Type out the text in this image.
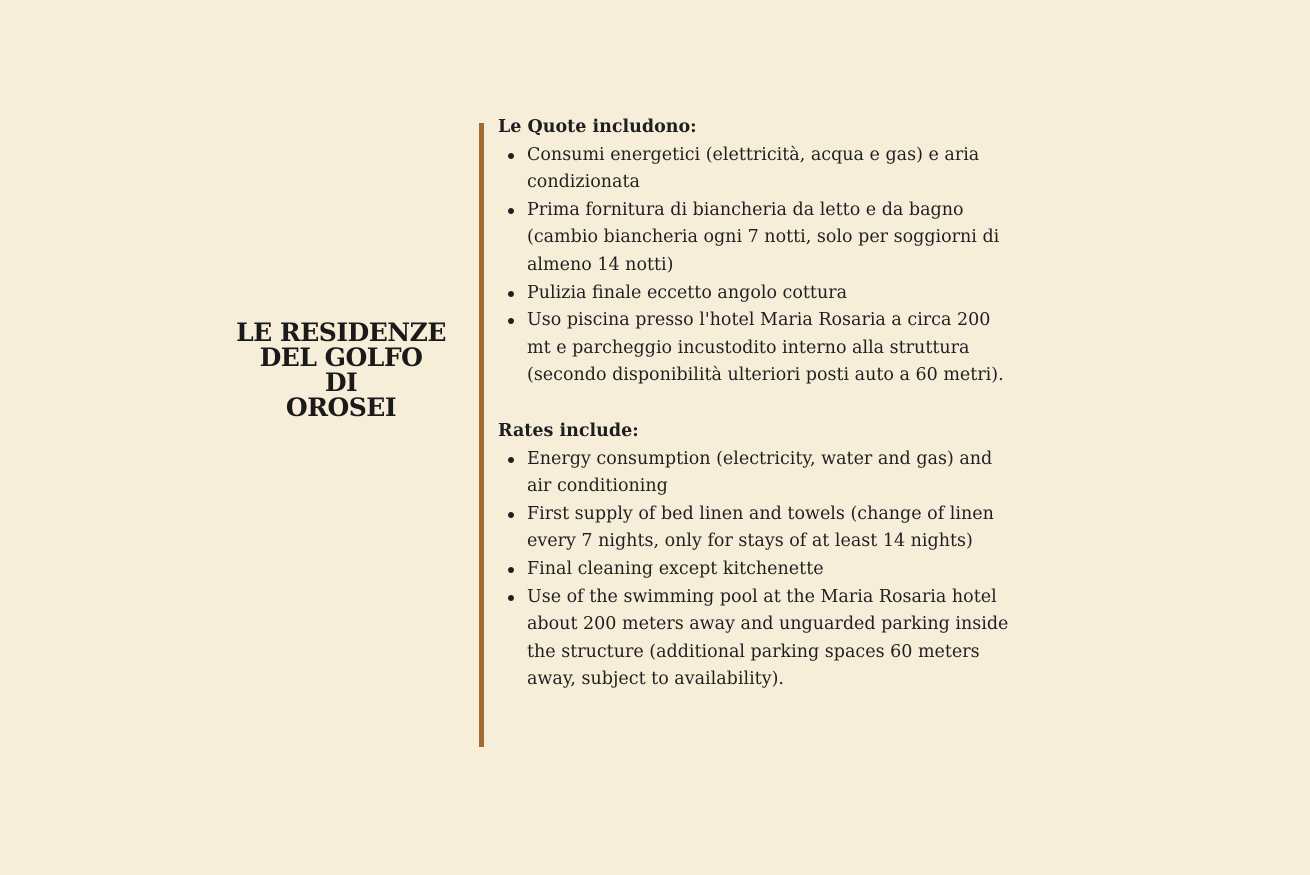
LE RESIDENZE
DEL GOLFO
DI
OROSEI

Le Quote includono:

Consumi energetici (elettricità, acqua e gas) e aria condizionata
Prima fornitura di biancheria da letto e da bagno (cambio biancheria ogni 7 notti, solo per soggiorni di almeno 14 notti)
Pulizia finale eccetto angolo cottura
Uso piscina presso l'hotel Maria Rosaria a circa 200 mt e parcheggio incustodito interno alla struttura (secondo disponibilità ulteriori posti auto a 60 metri).

Rates include:

Energy consumption (electricity, water and gas) and air conditioning
First supply of bed linen and towels (change of linen every 7 nights, only for stays of at least 14 nights)
Final cleaning except kitchenette
Use of the swimming pool at the Maria Rosaria hotel about 200 meters away and unguarded parking inside the structure (additional parking spaces 60 meters away, subject to availability).
